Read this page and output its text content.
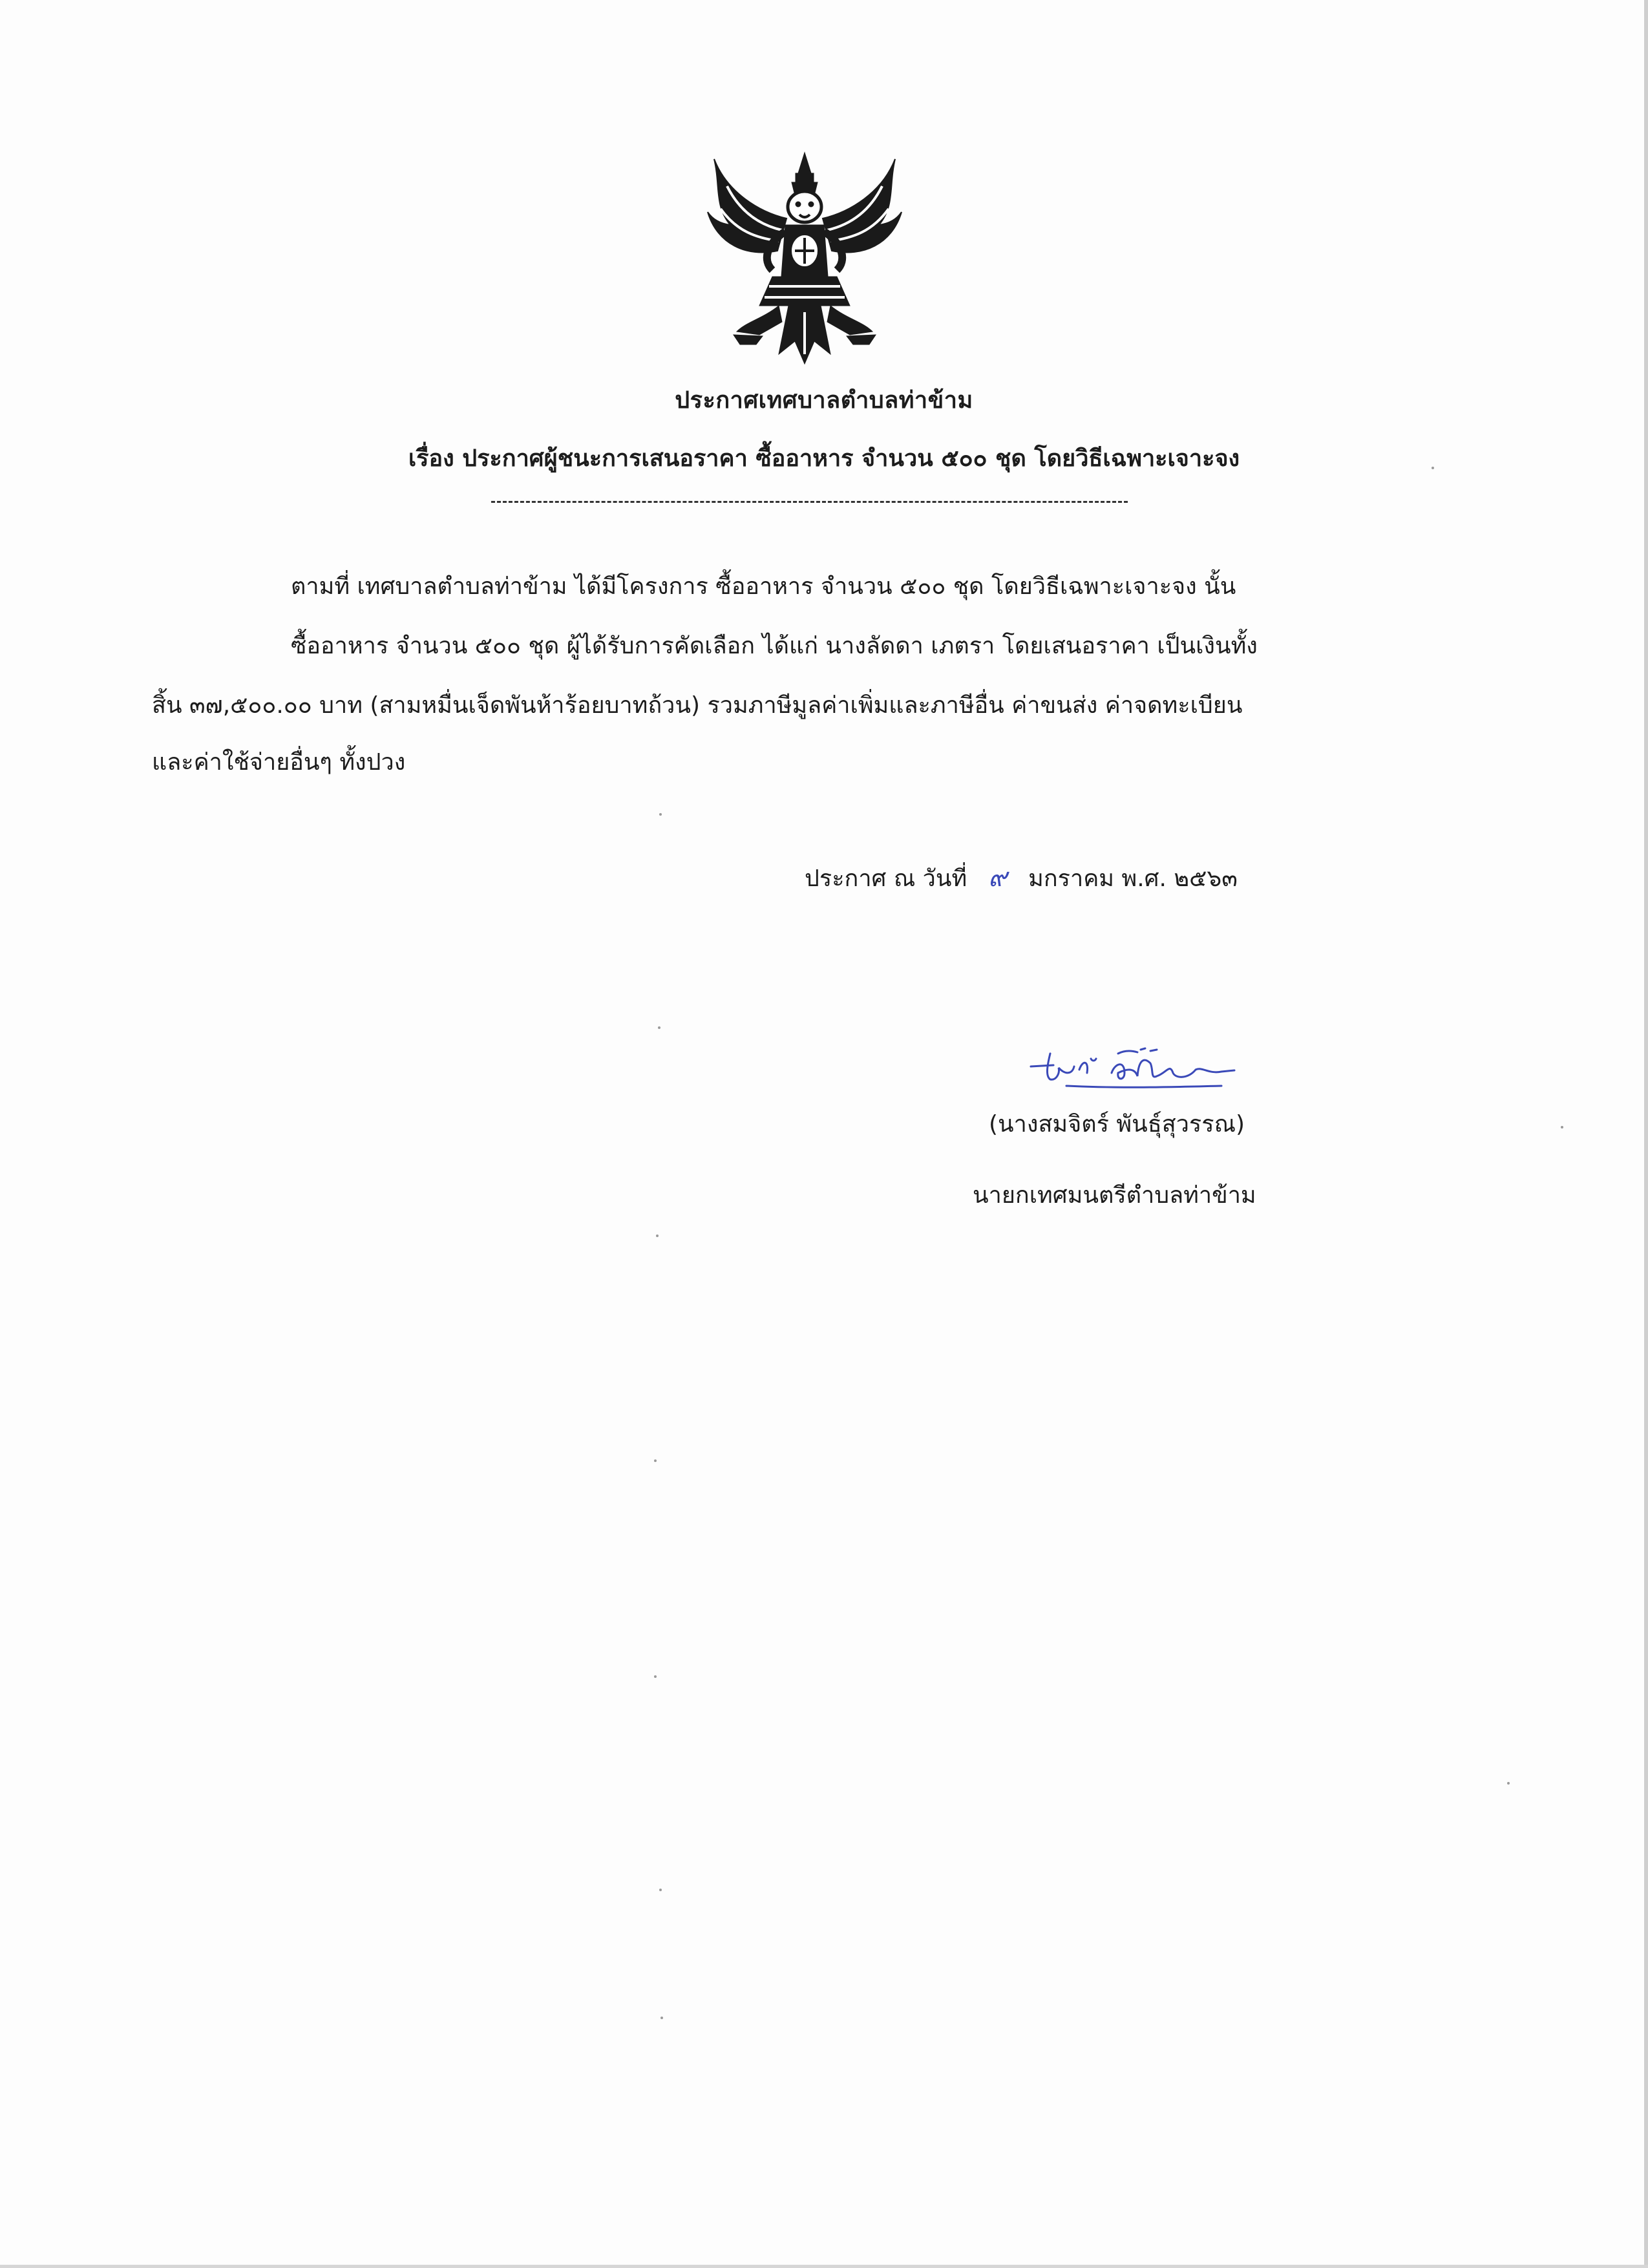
ประกาศเทศบาลตำบลท่าข้าม
เรื่อง ประกาศผู้ชนะการเสนอราคา ซื้ออาหาร จำนวน ๕๐๐ ชุด โดยวิธีเฉพาะเจาะจง
ตามที่ เทศบาลตำบลท่าข้าม ได้มีโครงการ ซื้ออาหาร จำนวน ๕๐๐ ชุด โดยวิธีเฉพาะเจาะจง นั้น
ซื้ออาหาร จำนวน ๕๐๐ ชุด ผู้ได้รับการคัดเลือก ได้แก่ นางลัดดา เภตรา โดยเสนอราคา เป็นเงินทั้ง
สิ้น ๓๗,๕๐๐.๐๐ บาท (สามหมื่นเจ็ดพันห้าร้อยบาทถ้วน) รวมภาษีมูลค่าเพิ่มและภาษีอื่น ค่าขนส่ง ค่าจดทะเบียน
และค่าใช้จ่ายอื่นๆ ทั้งปวง
ประกาศ ณ วันที่ ๙ มกราคม พ.ศ. ๒๕๖๓
(นางสมจิตร์ พันธุ์สุวรรณ)
นายกเทศมนตรีตำบลท่าข้าม
